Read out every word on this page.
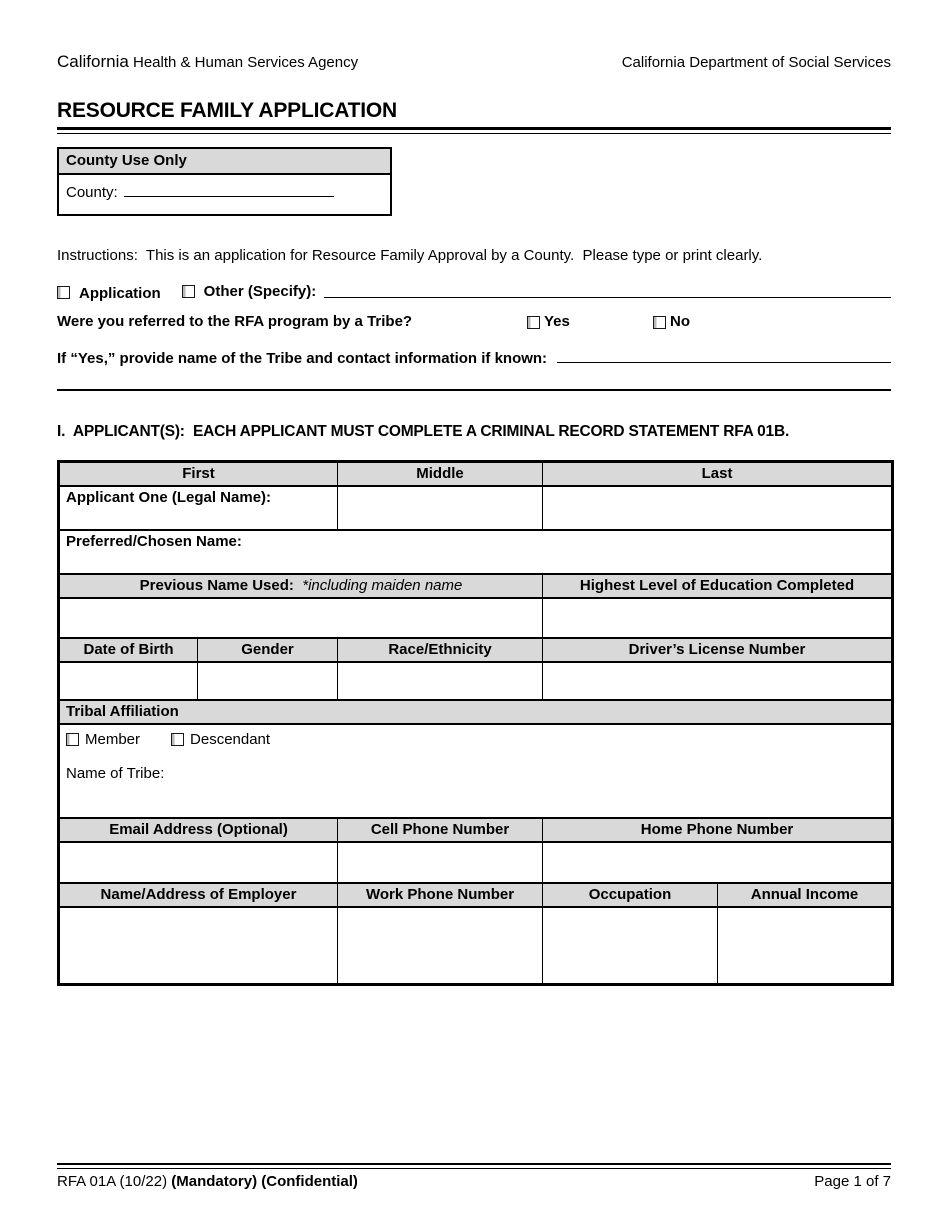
California Health & Human Services Agency	California Department of Social Services
RESOURCE FAMILY APPLICATION
County Use Only
County:
Instructions:  This is an application for Resource Family Approval by a County.  Please type or print clearly.
Application	Other (Specify):
Were you referred to the RFA program by a Tribe?	Yes	No
If “Yes,” provide name of the Tribe and contact information if known:
I.  APPLICANT(S):  EACH APPLICANT MUST COMPLETE A CRIMINAL RECORD STATEMENT RFA 01B.
First		Middle	Last	
Applicant One (Legal Name):				
Preferred/Chosen Name:				
Previous Name Used:  *including maiden name			Highest Level of Education Completed	

Date of Birth	Gender	Race/Ethnicity	Driver’s License Number	

Tribal Affiliation				

Member Descendant
Name of Tribe:				

Email Address (Optional)		Cell Phone Number	Home Phone Number	

Name/Address of Employer		Work Phone Number	Occupation	Annual Income

RFA 01A (10/22) (Mandatory) (Confidential)	Page 1 of 7
